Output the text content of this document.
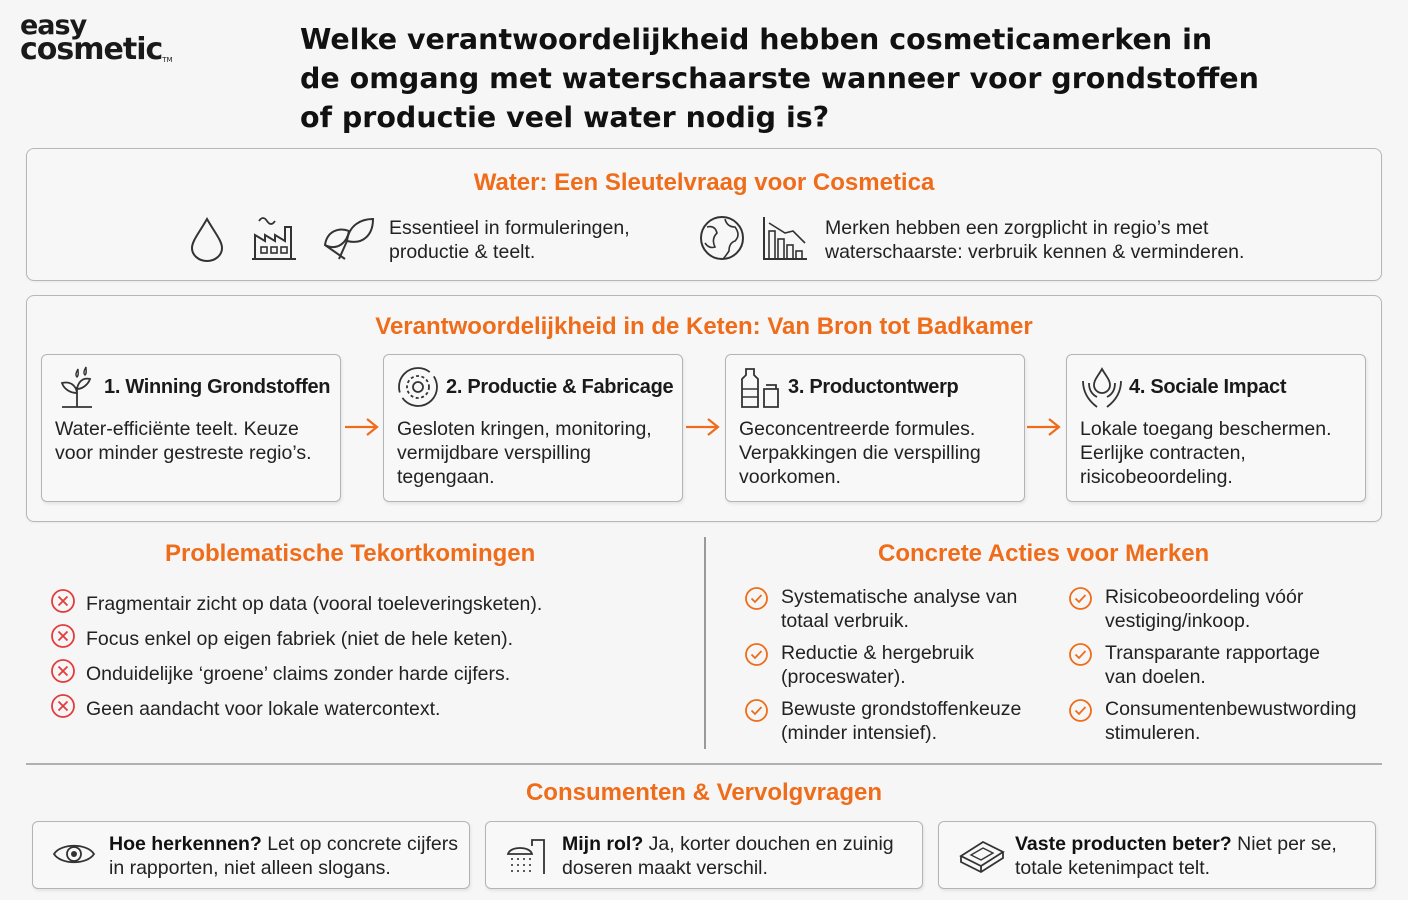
easy
cosmetic™
Welke verantwoordelijkheid hebben cosmeticamerken in de omgang met waterschaarste wanneer voor grondstoffen of productie veel water nodig is?
Water: Een Sleutelvraag voor Cosmetica
Essentieel in formuleringen, productie & teelt.
Merken hebben een zorgplicht in regio’s met waterschaarste: verbruik kennen & verminderen.
Verantwoordelijkheid in de Keten: Van Bron tot Badkamer
1. Winning Grondstoffen
Water-efficiënte teelt. Keuze voor minder gestreste regio’s.
2. Productie & Fabricage
Gesloten kringen, monitoring, vermijdbare verspilling tegengaan.
3. Productontwerp
Geconcentreerde formules. Verpakkingen die verspilling voorkomen.
4. Sociale Impact
Lokale toegang beschermen. Eerlijke contracten, risicobeoordeling.
Problematische Tekortkomingen
Fragmentair zicht op data (vooral toeleveringsketen).
Focus enkel op eigen fabriek (niet de hele keten).
Onduidelijke ‘groene’ claims zonder harde cijfers.
Geen aandacht voor lokale watercontext.
Concrete Acties voor Merken
Systematische analyse van totaal verbruik.
Reductie & hergebruik (proceswater).
Bewuste grondstoffenkeuze (minder intensief).
Risicobeoordeling vóór vestiging/inkoop.
Transparante rapportage van doelen.
Consumentenbewustwording stimuleren.
Consumenten & Vervolgvragen
Hoe herkennen? Let op concrete cijfers in rapporten, niet alleen slogans.
Mijn rol? Ja, korter douchen en zuinig doseren maakt verschil.
Vaste producten beter? Niet per se, totale ketenimpact telt.
